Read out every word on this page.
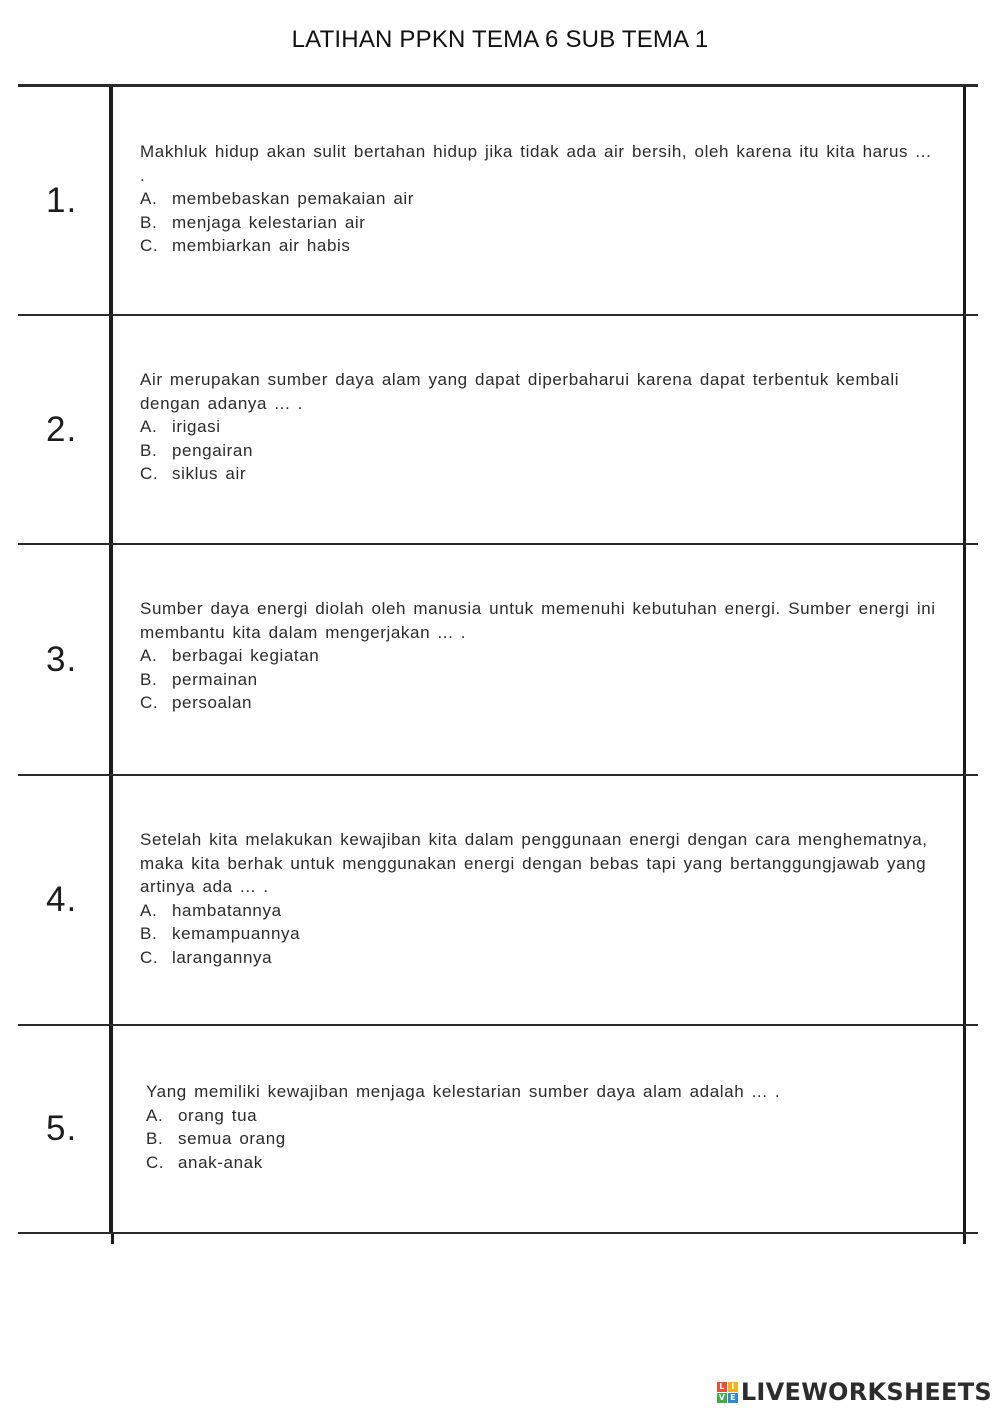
LATIHAN PPKN TEMA 6 SUB TEMA 1
1.
Makhluk hidup akan sulit bertahan hidup jika tidak ada air bersih, oleh karena itu kita harus ... .
A. membebaskan pemakaian air
B. menjaga kelestarian air
C. membiarkan air habis
2.
Air merupakan sumber daya alam yang dapat diperbaharui karena dapat terbentuk kembali dengan adanya ... .
A. irigasi
B. pengairan
C. siklus air
3.
Sumber daya energi diolah oleh manusia untuk memenuhi kebutuhan energi. Sumber energi ini membantu kita dalam mengerjakan ... .
A. berbagai kegiatan
B. permainan
C. persoalan
4.
Setelah kita melakukan kewajiban kita dalam penggunaan energi dengan cara menghematnya, maka kita berhak untuk menggunakan energi dengan bebas tapi yang bertanggungjawab yang artinya ada ... .
A. hambatannya
B. kemampuannya
C. larangannya
5.
Yang memiliki kewajiban menjaga kelestarian sumber daya alam adalah ... .
A. orang tua
B. semua orang
C. anak-anak
L I
V E LIVEWORKSHEETS
